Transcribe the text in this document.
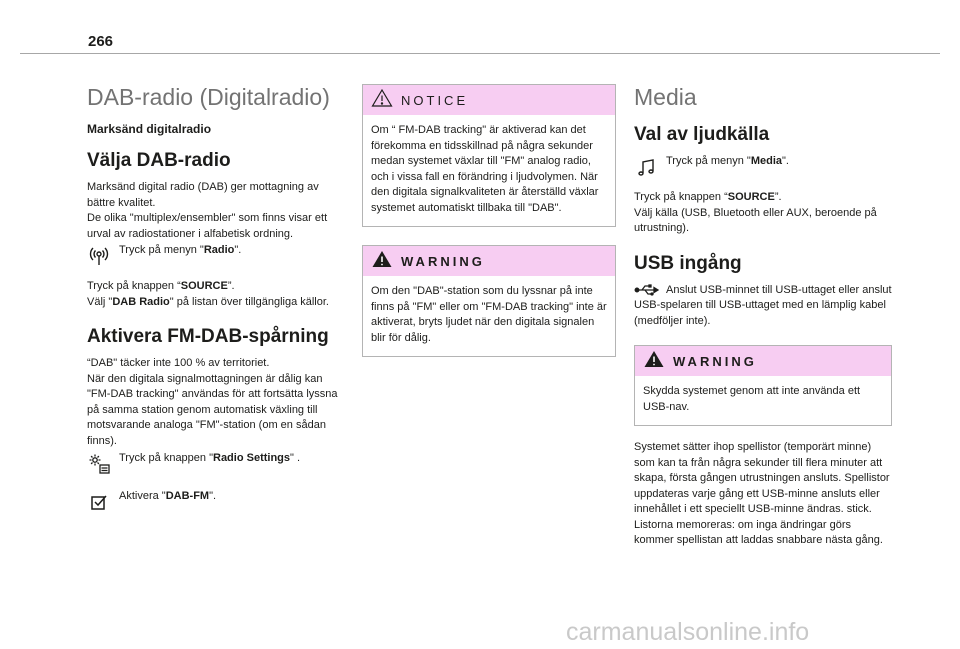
266
DAB-radio (Digitalradio)
Marksänd digitalradio
Välja DAB-radio

Marksänd digital radio (DAB) ger mottagning av bättre kvalitet.

De olika "multiplex/ensembler" som finns visar ett urval av radiostationer i alfabetisk ordning.

Tryck på menyn "Radio".

Tryck på knappen “SOURCE”.

Välj "DAB Radio" på listan över tillgängliga källor.

Aktivera FM-DAB-spårning

“DAB" täcker inte 100 % av territoriet.

När den digitala signalmottagningen är dålig kan "FM-DAB tracking" användas för att fortsätta lyssna på samma station genom automatisk växling till motsvarande analoga "FM"-station (om en sådan finns).

Tryck på knappen "Radio Settings" .

Aktivera "DAB-FM".

NOTICE

Om “ FM-DAB tracking" är aktiverad kan det förekomma en tidsskillnad på några sekunder medan systemet växlar till "FM" analog radio, och i vissa fall en förändring i ljudvolymen. När den digitala signalkvaliteten är återställd växlar systemet automatiskt tillbaka till "DAB".

WARNING

Om den "DAB"-station som du lyssnar på inte finns på "FM" eller om "FM-DAB tracking" inte är aktiverat, bryts ljudet när den digitala signalen blir för dålig.

Media
Val av ljudkälla

Tryck på menyn "Media".

Tryck på knappen “SOURCE”.

Välj källa (USB, Bluetooth eller AUX, beroende på utrustning).

USB ingång

Anslut USB-minnet till USB-uttaget eller anslut USB-spelaren till USB-uttaget med en lämplig kabel (medföljer inte).

WARNING

Skydda systemet genom att inte använda ett USB-nav.

Systemet sätter ihop spellistor (temporärt minne) som kan ta från några sekunder till flera minuter att skapa, första gången utrustningen ansluts. Spellistor uppdateras varje gång ett USB-minne ansluts eller innehållet i ett speciellt USB-minne ändras. stick. Listorna memoreras: om inga ändringar görs kommer spellistan att laddas snabbare nästa gång.

carmanualsonline.info
